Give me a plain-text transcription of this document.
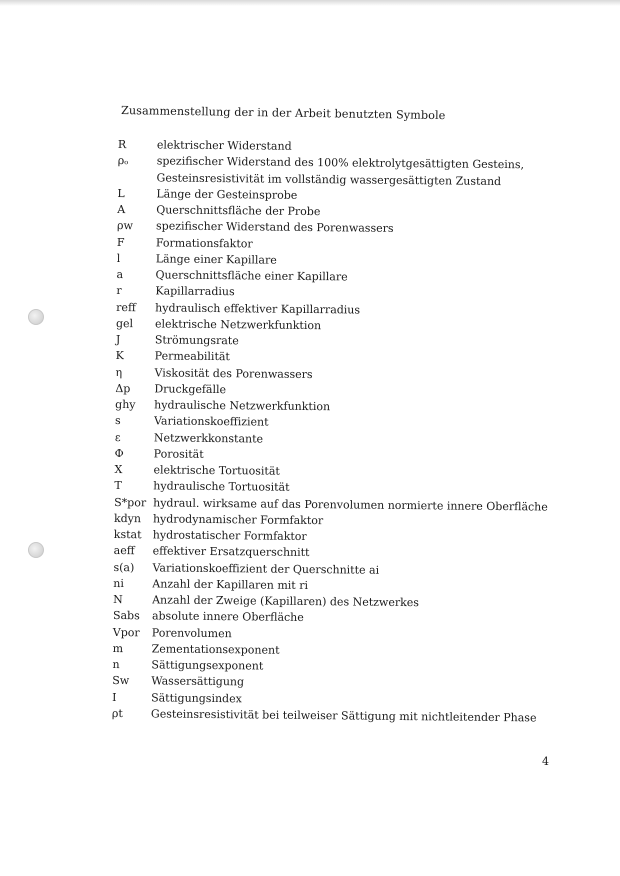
Zusammenstellung der in der Arbeit benutzten Symbole
R	elektrischer Widerstand
ρₒ	spezifischer Widerstand des 100% elektrolytgesättigten Gesteins,
Gesteinsresistivität im vollständig wassergesättigten Zustand
L	Länge der Gesteinsprobe
A	Querschnittsfläche der Probe
ρw	spezifischer Widerstand des Porenwassers
F	Formationsfaktor
l	Länge einer Kapillare
a	Querschnittsfläche einer Kapillare
r	Kapillarradius
reff	hydraulisch effektiver Kapillarradius
gel	elektrische Netzwerkfunktion
J	Strömungsrate
K	Permeabilität
η	Viskosität des Porenwassers
Δp	Druckgefälle
ghy	hydraulische Netzwerkfunktion
s	Variationskoeffizient
ε	Netzwerkkonstante
Φ	Porosität
X	elektrische Tortuosität
T	hydraulische Tortuosität
S*por hydraul. wirksame auf das Porenvolumen normierte innere Oberfläche
kdyn	hydrodynamischer Formfaktor
kstat	hydrostatischer Formfaktor
aeff	effektiver Ersatzquerschnitt
s(a)	Variationskoeffizient der Querschnitte ai
ni	Anzahl der Kapillaren mit ri
N	Anzahl der Zweige (Kapillaren) des Netzwerkes
Sabs	absolute innere Oberfläche
Vpor	Porenvolumen
m	Zementationsexponent
n	Sättigungsexponent
Sw	Wassersättigung
I	Sättigungsindex
ρt	Gesteinsresistivität bei teilweiser Sättigung mit nichtleitender Phase
4
